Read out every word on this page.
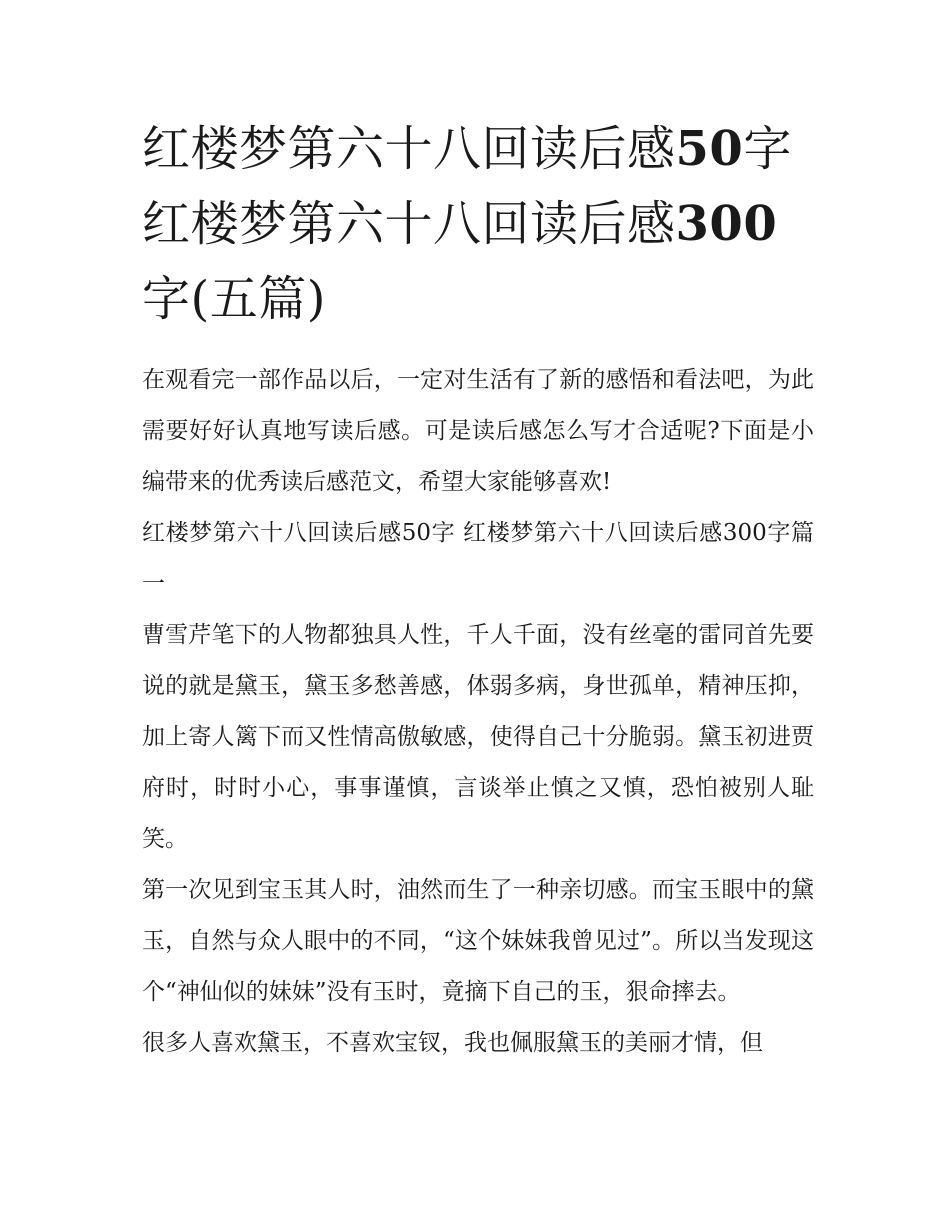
红楼梦第六十八回读后感50字 红楼梦第六十八回读后感300字(五篇)

在观看完一部作品以后，一定对生活有了新的感悟和看法吧，为此需要好好认真地写读后感。可是读后感怎么写才合适呢?下面是小编带来的优秀读后感范文，希望大家能够喜欢!

红楼梦第六十八回读后感50字 红楼梦第六十八回读后感300字篇一

曹雪芹笔下的人物都独具人性，千人千面，没有丝毫的雷同首先要说的就是黛玉，黛玉多愁善感，体弱多病，身世孤单，精神压抑，加上寄人篱下而又性情高傲敏感，使得自己十分脆弱。黛玉初进贾府时，时时小心，事事谨慎，言谈举止慎之又慎，恐怕被别人耻笑。

第一次见到宝玉其人时，油然而生了一种亲切感。而宝玉眼中的黛玉，自然与众人眼中的不同，“这个妹妹我曾见过”。所以当发现这个“神仙似的妹妹”没有玉时，竟摘下自己的玉，狠命摔去。

很多人喜欢黛玉，不喜欢宝钗，我也佩服黛玉的美丽才情，但
